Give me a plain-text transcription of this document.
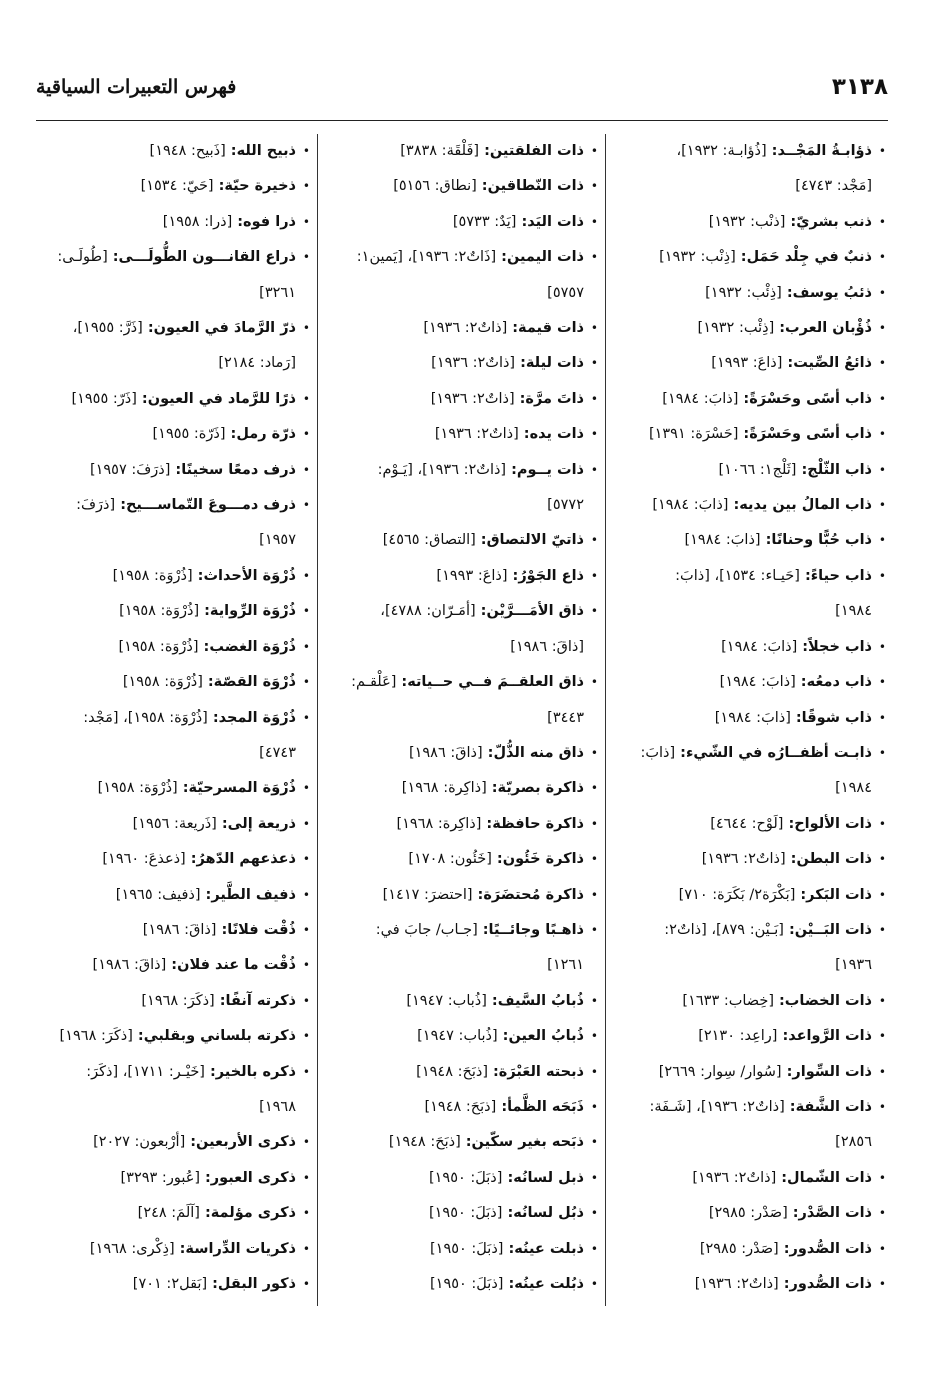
٣١٣٨
فهرس التعبيرات السياقية
•
ذؤابـةُ المَجْــد:
[ذُؤابـة: ١٩٣٢]،
[مَجْد: ٤٧٤٣]
•
ذنب بشريّ:
[ذنْب: ١٩٣٢]
•
ذنبٌ في جِلْد حَمَل:
[ذِنْب: ١٩٣٢]
•
ذئبُ يوسف:
[ذِئْب: ١٩٣٢]
•
ذُؤْبان العرب:
[ذِئْب: ١٩٣٢]
•
ذائعُ الصِّيت:
[ذاعَ: ١٩٩٣]
•
ذاب أسًى وحَسْرَةً:
[ذابَ: ١٩٨٤]
•
ذاب أسًى وحَسْرَةً:
[حَسْرَة: ١٣٩١]
•
ذاب الثّلْج:
[ثَلْج١: ١٠٦٦]
•
ذاب المالُ بين يديه:
[ذابَ: ١٩٨٤]
•
ذاب حُبًّا وحنانًا:
[ذابَ: ١٩٨٤]
•
ذاب حياءً:
[حَيـاء: ١٥٣٤]، [ذابَ:
١٩٨٤]
•
ذاب خجلاً:
[ذابَ: ١٩٨٤]
•
ذاب دمعُه:
[ذابَ: ١٩٨٤]
•
ذاب شوقًا:
[ذابَ: ١٩٨٤]
•
ذابـت أظفــارُه في الشّيء:
[ذابَ:
١٩٨٤]
•
ذات الألواح:
[لَوْح: ٤٦٤٤]
•
ذات البطن:
[ذاتٌ٢: ١٩٣٦]
•
ذات البَكر:
[بَكْرَة٢/ بَكَرَة: ٧١٠]
•
ذات البَــيْن:
[بَـيْن: ٨٧٩]، [ذاتٌ٢:
١٩٣٦]
•
ذات الخضاب:
[خِضاب: ١٦٣٣]
•
ذات الرَّواعد:
[راعِد: ٢١٣٠]
•
ذات السِّوار:
[سُوار/ سِوار: ٢٦٦٩]
•
ذات الشَّفة:
[ذاتٌ٢: ١٩٣٦]، [شَـفَة:
٢٨٥٦]
•
ذات الشّمال:
[ذاتٌ٢: ١٩٣٦]
•
ذات الصَّدْر:
[صَدْر: ٢٩٨٥]
•
ذات الصُّدور:
[صَدْر: ٢٩٨٥]
•
ذات الصُّدور:
[ذاتٌ٢: ١٩٣٦]
•
ذات الفلقتين:
[فَلْقَة: ٣٨٣٨]
•
ذات النّطاقين:
[نطاق: ٥١٥٦]
•
ذات اليَد:
[يَدٌ: ٥٧٣٣]
•
ذات اليمين:
[ذَاتٌ٢: ١٩٣٦]، [يَمين١:
٥٧٥٧]
•
ذات قيمة:
[ذاتٌ٢: ١٩٣٦]
•
ذات ليلة:
[ذاتٌ٢: ١٩٣٦]
•
ذاتَ مرَّة:
[ذاتٌ٢: ١٩٣٦]
•
ذات يده:
[ذاتٌ٢: ١٩٣٦]
•
ذات يــوم:
[ذاتٌ٢: ١٩٣٦]، [يَـوْم:
٥٧٧٢]
•
ذاتيّ الالتصاق:
[التصاق: ٤٥٦٥]
•
ذاع الجَوْرُ:
[ذاعَ: ١٩٩٣]
•
ذاق الأمَـــرَّيْن:
[أمَـرّان: ٤٧٨٨]،
[ذاقَ: ١٩٨٦]
•
ذاق العلقــمَ فــي حــياته:
[عَلْقـم:
٣٤٤٣]
•
ذاق منه الذُّلّ:
[ذاقَ: ١٩٨٦]
•
ذاكرة بصريّة:
[ذاكِرة: ١٩٦٨]
•
ذاكرة حافظة:
[ذاكِرة: ١٩٦٨]
•
ذاكرة خَئُون:
[خَئُون: ١٧٠٨]
•
ذاكرة مُحتضَرَة:
[احتضرَ: ١٤١٧]
•
ذاهـبًا وجائــيًا:
[جـاب/ جابَ في:
١٢٦١]
•
ذُبابُ السَّيف:
[ذُباب: ١٩٤٧]
•
ذُبابُ العين:
[ذُباب: ١٩٤٧]
•
ذبحته العَبْرَة:
[ذبَحَ: ١٩٤٨]
•
ذَبَحَه الظَّمأ:
[ذبَحَ: ١٩٤٨]
•
ذبَحه بغير سكّين:
[ذبَحَ: ١٩٤٨]
•
ذبل لسانُه:
[ذبَلَ: ١٩٥٠]
•
ذبُل لسانُه:
[ذبَلَ: ١٩٥٠]
•
ذبلت عينُه:
[ذبَلَ: ١٩٥٠]
•
ذبُلت عينُه:
[ذبَلَ: ١٩٥٠]
•
ذبيح الله:
[ذَبيح: ١٩٤٨]
•
ذخيرة حيّة:
[حَيّ: ١٥٣٤]
•
ذرا فوه:
[ذرا: ١٩٥٨]
•
ذراع القانـــون الطُّولَـــى:
[طُولَـى:
٣٢٦١]
•
ذرّ الرَّمادَ في العيون:
[ذَرَّ: ١٩٥٥]،
[رَماد: ٢١٨٤]
•
ذرًا للرَّماد في العيون:
[ذَرّ: ١٩٥٥]
•
ذرّة رمل:
[ذَرّة: ١٩٥٥]
•
ذرف دمعًا سخينًا:
[ذرَفَ: ١٩٥٧]
•
ذرف دمـــوعَ التّماســـيح:
[ذرَفَ:
١٩٥٧]
•
ذُرْوَة الأحداث:
[ذُرْوَة: ١٩٥٨]
•
ذُرْوَة الرِّواية:
[ذُرْوَة: ١٩٥٨]
•
ذُرْوَة الغضب:
[ذُرْوَة: ١٩٥٨]
•
ذُرْوَة القصّة:
[ذُرْوَة: ١٩٥٨]
•
ذُرْوَة المجد:
[ذُرْوَة: ١٩٥٨]، [مَجْد:
٤٧٤٣]
•
ذُرْوَة المسرحيّة:
[ذُرْوَة: ١٩٥٨]
•
ذريعة إلى:
[ذَريعة: ١٩٥٦]
•
ذعذعهم الدّهرُ:
[ذعذعَ: ١٩٦٠]
•
ذفيف الطَّير:
[ذفيف: ١٩٦٥]
•
ذُقْت فلانًا:
[ذاقَ: ١٩٨٦]
•
ذُقْت ما عند فلان:
[ذاقَ: ١٩٨٦]
•
ذكرته آنفًا:
[ذكَرَ: ١٩٦٨]
•
ذكرته بلساني وبقلبي:
[ذكَرَ: ١٩٦٨]
•
ذكره بالخير:
[خَيْـر: ١٧١١]، [ذكَرَ:
١٩٦٨]
•
ذكرى الأربعين:
[أرْبعون: ٢٠٢٧]
•
ذكرى العبور:
[عُبور: ٣٢٩٣]
•
ذكرى مؤلمة:
[آلَمَ: ٢٤٨]
•
ذكريات الدِّراسة:
[ذِكْرى: ١٩٦٨]
•
ذكور البقل:
[بَقل٢: ٧٠١]
